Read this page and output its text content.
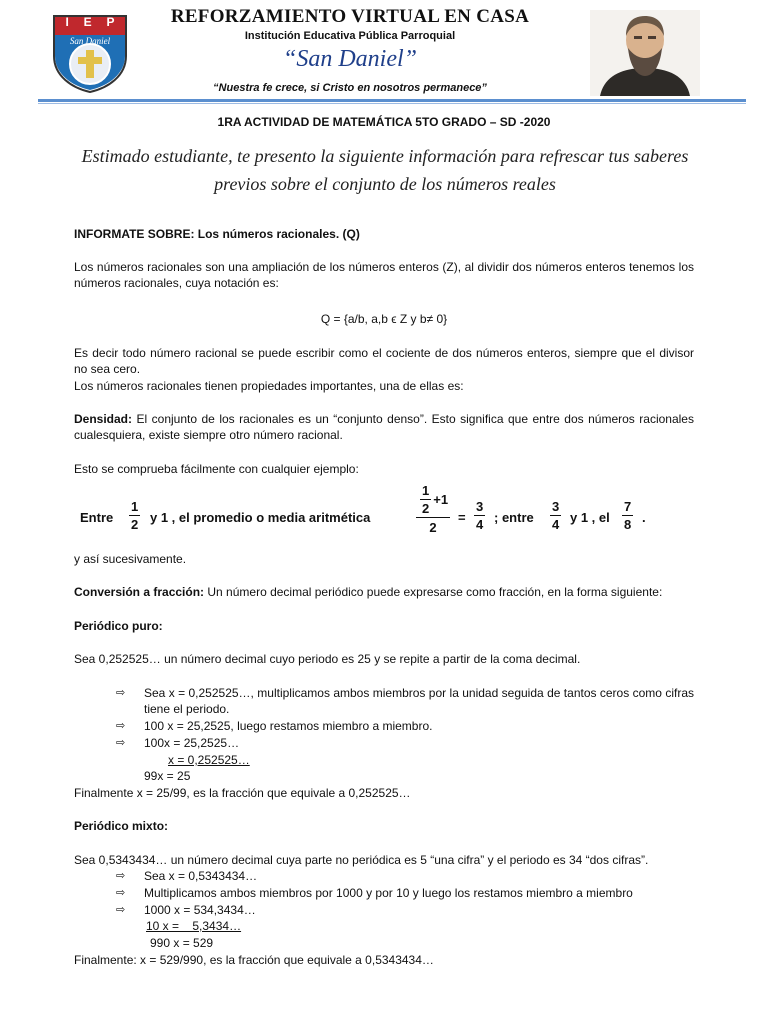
I E P
San Daniel
REFORZAMIENTO VIRTUAL EN CASA
Institución Educativa Pública Parroquial
“San Daniel”
“Nuestra fe crece, si Cristo en nosotros permanece”
1RA ACTIVIDAD DE MATEMÁTICA 5TO GRADO – SD -2020
Estimado estudiante, te presento la siguiente información para refrescar tus saberes previos sobre el conjunto de los números reales
INFORMATE SOBRE: Los números racionales. (Q)
Los números racionales son una ampliación de los números enteros (Z), al dividir dos números enteros tenemos los números racionales, cuya notación es:
Q = {a/b, a,b ϵ Z y b≠ 0}
Es decir todo número racional se puede escribir como el cociente de dos números enteros, siempre que el divisor no sea cero.
Los números racionales tienen propiedades importantes, una de ellas es:
Densidad: El conjunto de los racionales es un “conjunto denso”. Esto significa que entre dos números racionales cualesquiera, existe siempre otro número racional.
Esto se comprueba fácilmente con cualquier ejemplo:
Entre $\frac{1}{2}$ y 1 , el promedio o media aritmética
$\frac{1}{2} +1$
2
= $\frac{3}{4}$ ; entre $\frac{3}{4}$ y 1 , el $\frac{7}{8}$ .
y así sucesivamente.
Conversión a fracción: Un número decimal periódico puede expresarse como fracción, en la forma siguiente:
Periódico puro:
Sea 0,252525… un número decimal cuyo periodo es 25 y se repite a partir de la coma decimal.
⇨ Sea x = 0,252525…, multiplicamos ambos miembros por la unidad seguida de tantos ceros como cifras tiene el periodo.
⇨ 100 x = 25,2525, luego restamos miembro a miembro.
⇨ 100x = 25,2525…
x = 0,252525…
99x = 25
Finalmente x = 25/99, es la fracción que equivale a 0,252525…
Periódico mixto:
Sea 0,5343434… un número decimal cuya parte no periódica es 5 “una cifra” y el periodo es 34 “dos cifras”.
⇨ Sea x = 0,5343434…
⇨ Multiplicamos ambos miembros por 1000 y por 10 y luego los restamos miembro a miembro
⇨ 1000 x = 534,3434…
10 x =    5,3434…
990 x = 529
Finalmente: x = 529/990, es la fracción que equivale a 0,5343434…
